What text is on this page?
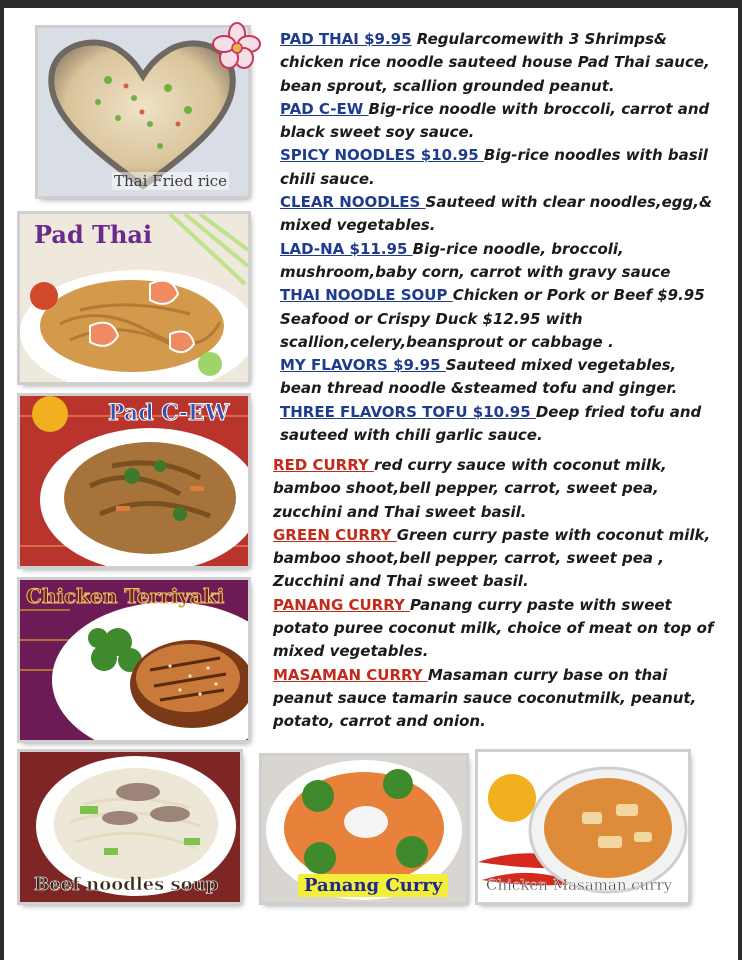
Thai Fried rice
Pad Thai
Pad C-EW
Chicken Terriyaki
Beef noodles soup	Panang Curry	Chicken Masaman curry

PAD THAI $9.95 Regularcomewith 3 Shrimps& chicken rice noodle sauteed house Pad Thai sauce, bean sprout, scallion grounded peanut.

PAD C-EW Big-rice noodle with broccoli, carrot and black sweet soy sauce.

SPICY NOODLES $10.95 Big-rice noodles with basil chili sauce.

CLEAR NOODLES Sauteed with clear noodles,egg,& mixed vegetables.

LAD-NA $11.95 Big-rice noodle, broccoli, mushroom,baby corn, carrot with gravy sauce

THAI NOODLE SOUP Chicken or Pork or Beef $9.95 Seafood or Crispy Duck $12.95 with scallion,celery,beansprout or cabbage .

MY FLAVORS $9.95 Sauteed mixed vegetables, bean thread noodle &steamed tofu and ginger.

THREE FLAVORS TOFU $10.95 Deep fried tofu and sauteed with chili garlic sauce.

RED CURRY red curry sauce with coconut milk, bamboo shoot,bell pepper, carrot, sweet pea, zucchini and Thai sweet basil.

GREEN CURRY Green curry paste with coconut milk, bamboo shoot,bell pepper, carrot, sweet pea , Zucchini and Thai sweet basil.

PANANG CURRY Panang curry paste with sweet potato puree coconut milk, choice of meat on top of mixed vegetables.

MASAMAN CURRY Masaman curry base on thai peanut sauce tamarin sauce coconutmilk, peanut, potato, carrot and onion.
